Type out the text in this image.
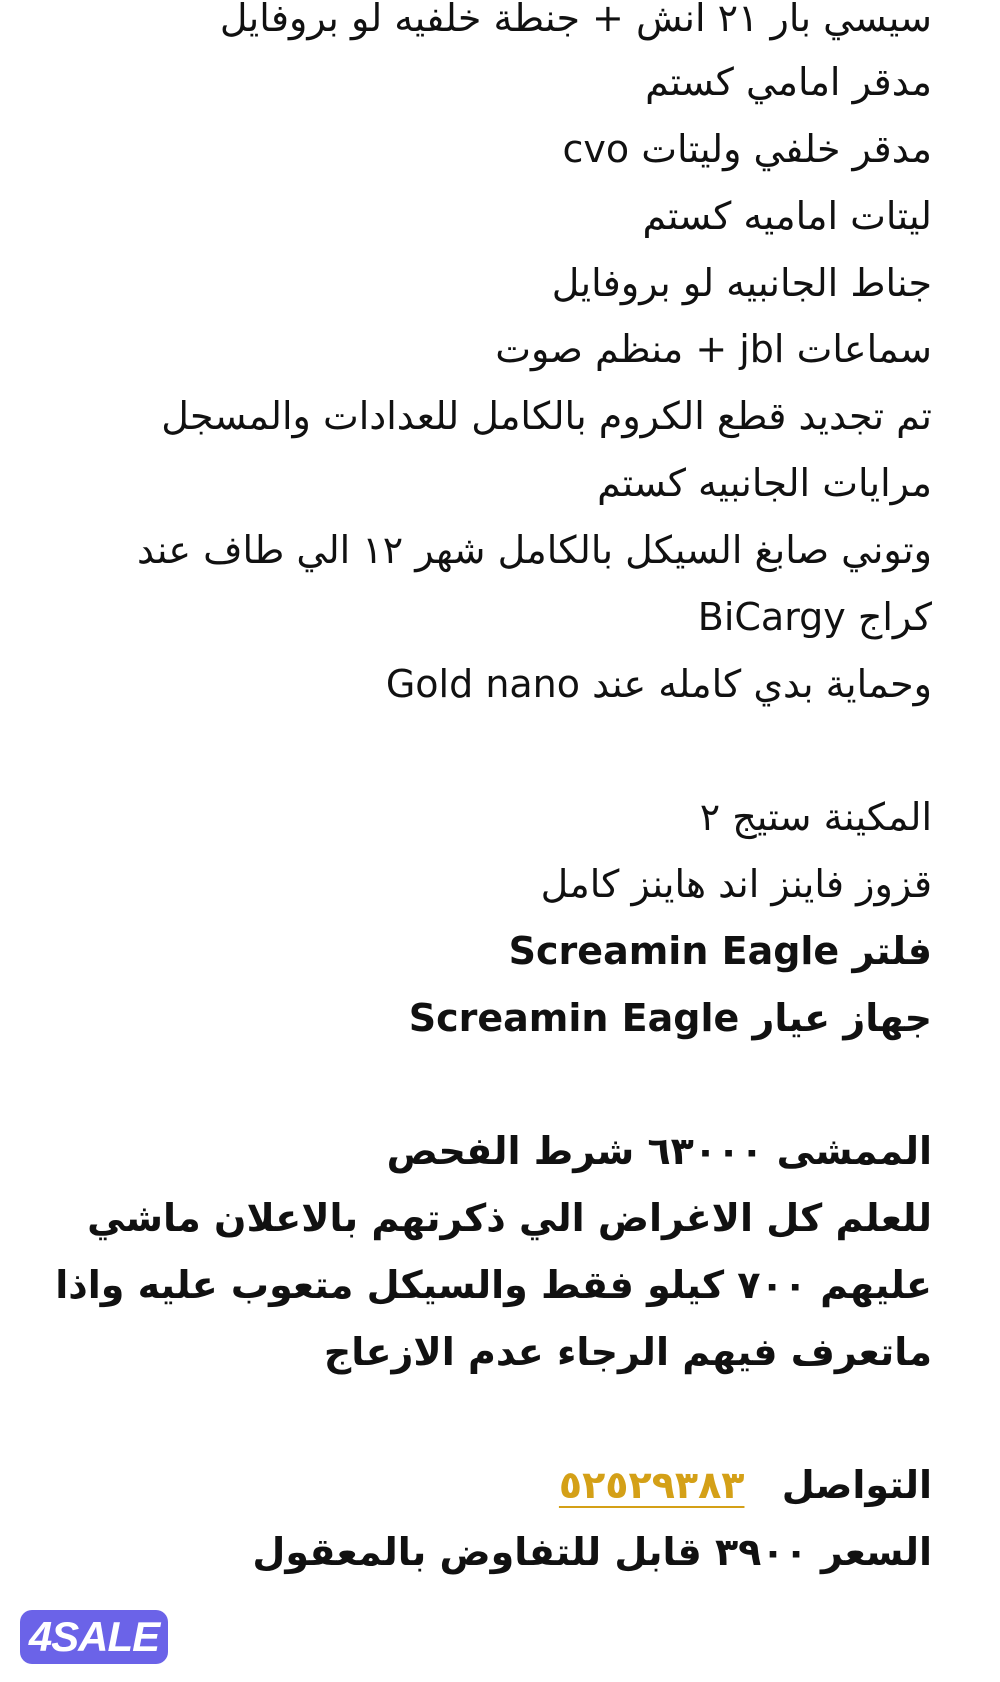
سيسي بار ٢١ انش + جنطة خلفيه لو بروفايل
مدقر امامي كستم
مدقر خلفي وليتات cvo
ليتات اماميه كستم
جناط الجانبيه لو بروفايل
سماعات jbl + منظم صوت
تم تجديد قطع الكروم بالكامل للعدادات والمسجل
مرايات الجانبيه كستم
وتوني صابغ السيكل بالكامل شهر ١٢ الي طاف عند
كراج BiCargy
وحماية بدي كامله عند Gold nano
المكينة ستيج ٢
قزوز فاينز اند هاينز كامل
فلتر Screamin Eagle
جهاز عيار Screamin Eagle
الممشى ٦٣٠٠٠ شرط الفحص
للعلم كل الاغراض الي ذكرتهم بالاعلان ماشي
عليهم ٧٠٠ كيلو فقط والسيكل متعوب عليه واذا
ماتعرف فيهم الرجاء عدم الازعاج
التواصل ٥٢٥٢٩٣٨٣
السعر ٣٩٠٠ قابل للتفاوض بالمعقول
4SALE
